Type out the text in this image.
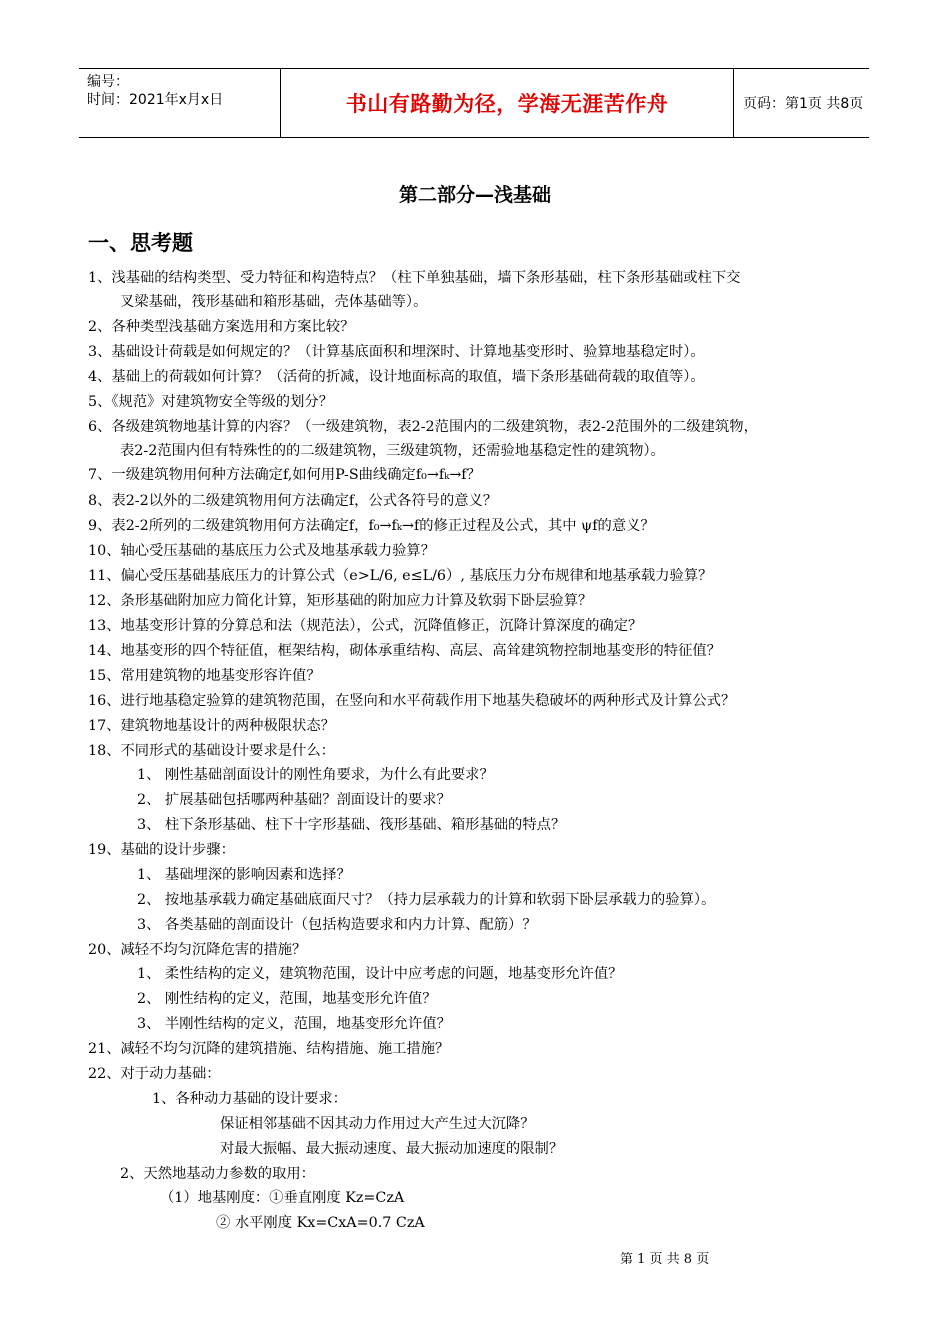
编号：
时间：2021年x月x日	书山有路勤为径，学海无涯苦作舟	页码：第1页 共8页
第二部分—浅基础
一、思考题
1、浅基础的结构类型、受力特征和构造特点？（柱下单独基础，墙下条形基础，柱下条形基础或柱下交
叉梁基础，筏形基础和箱形基础，壳体基础等）。
2、各种类型浅基础方案选用和方案比较？
3、基础设计荷载是如何规定的？（计算基底面积和埋深时、计算地基变形时、验算地基稳定时）。
4、基础上的荷载如何计算？（活荷的折减，设计地面标高的取值，墙下条形基础荷载的取值等）。
5、《规范》对建筑物安全等级的划分？
6、各级建筑物地基计算的内容？（一级建筑物，表2-2范围内的二级建筑物，表2-2范围外的二级建筑物，
表2-2范围内但有特殊性的的二级建筑物，三级建筑物，还需验地基稳定性的建筑物）。
7、一级建筑物用何种方法确定f,如何用P-S曲线确定f₀→fₖ→f？
8、表2-2以外的二级建筑物用何方法确定f，公式各符号的意义？
9、表2-2所列的二级建筑物用何方法确定f，f₀→fₖ→f的修正过程及公式，其中 ψf的意义？
10、轴心受压基础的基底压力公式及地基承载力验算？
11、偏心受压基础基底压力的计算公式（e>L/6, e≤L/6）, 基底压力分布规律和地基承载力验算？
12、条形基础附加应力简化计算，矩形基础的附加应力计算及软弱下卧层验算？
13、地基变形计算的分算总和法（规范法），公式，沉降值修正，沉降计算深度的确定？
14、地基变形的四个特征值，框架结构，砌体承重结构、高层、高耸建筑物控制地基变形的特征值？
15、常用建筑物的地基变形容许值？
16、进行地基稳定验算的建筑物范围，在竖向和水平荷载作用下地基失稳破坏的两种形式及计算公式？
17、建筑物地基设计的两种极限状态？
18、不同形式的基础设计要求是什么：
1、 刚性基础剖面设计的刚性角要求，为什么有此要求？
2、 扩展基础包括哪两种基础？剖面设计的要求？
3、 柱下条形基础、柱下十字形基础、筏形基础、箱形基础的特点？
19、基础的设计步骤：
1、 基础埋深的影响因素和选择？
2、 按地基承载力确定基础底面尺寸？（持力层承载力的计算和软弱下卧层承载力的验算）。
3、 各类基础的剖面设计（包括构造要求和内力计算、配筋）？
20、减轻不均匀沉降危害的措施？
1、 柔性结构的定义，建筑物范围，设计中应考虑的问题，地基变形允许值？
2、 刚性结构的定义，范围，地基变形允许值？
3、 半刚性结构的定义，范围，地基变形允许值？
21、减轻不均匀沉降的建筑措施、结构措施、施工措施？
22、对于动力基础：
1、各种动力基础的设计要求：
保证相邻基础不因其动力作用过大产生过大沉降？
对最大振幅、最大振动速度、最大振动加速度的限制？
2、天然地基动力参数的取用：
（1）地基刚度：①垂直刚度 Kz=CzA
② 水平刚度 Kx=CxA=0.7 CzA
第 1 页 共 8 页
